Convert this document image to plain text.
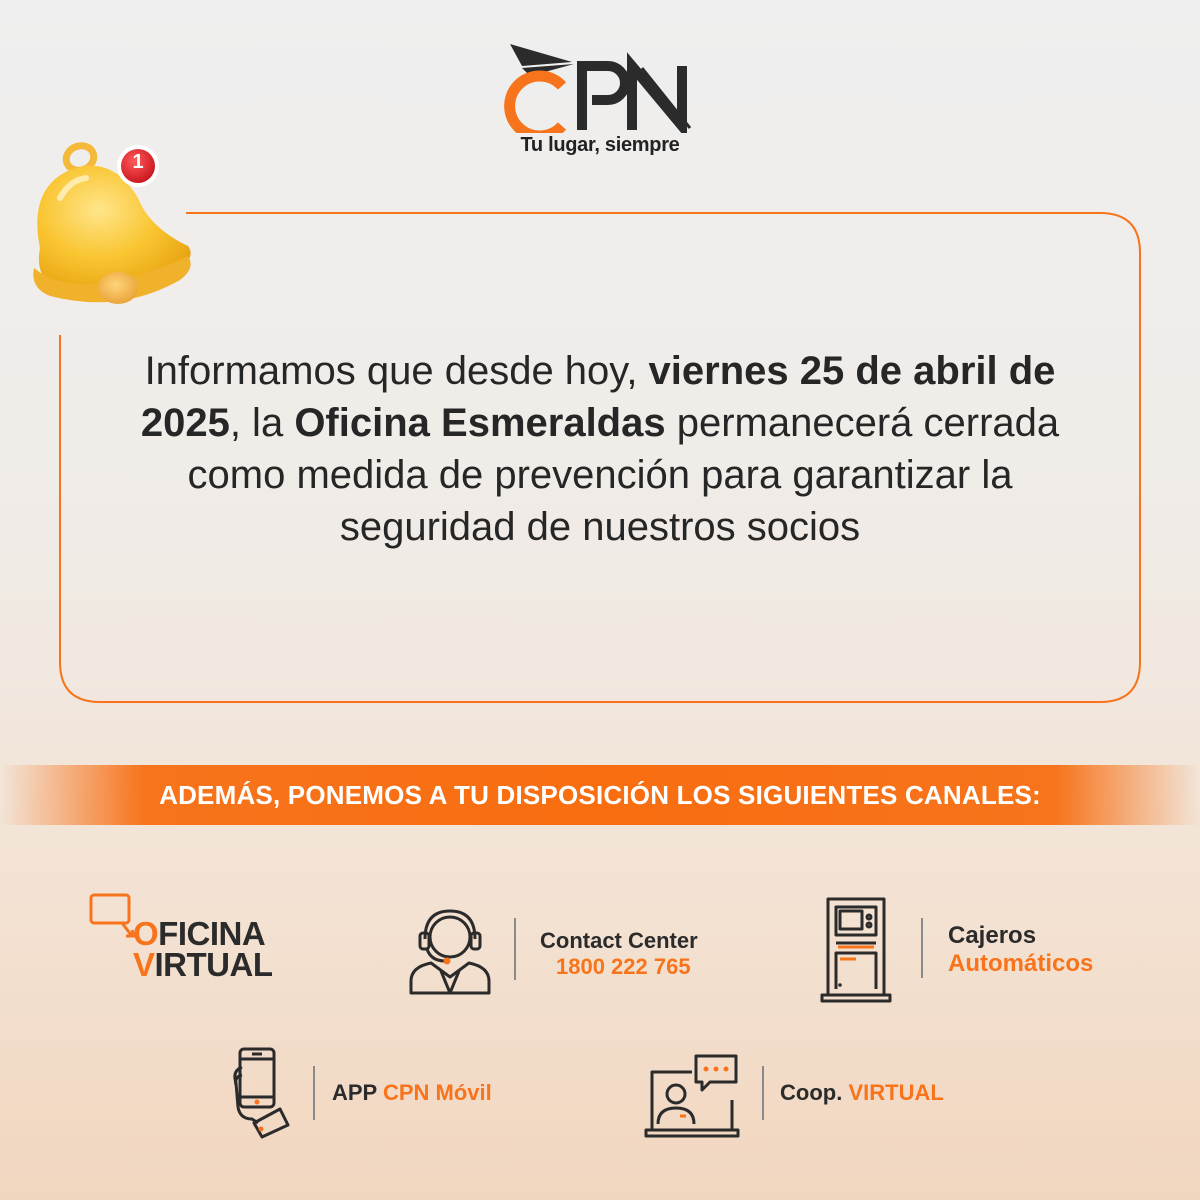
Tu lugar, siempre
1
Informamos que desde hoy, viernes 25 de abril de 2025, la Oficina Esmeraldas permanecerá cerrada como medida de prevención para garantizar la seguridad de nuestros socios
ADEMÁS, PONEMOS A TU DISPOSICIÓN LOS SIGUIENTES CANALES:
OFICINA
VIRTUAL
Contact Center
1800 222 765
Cajeros
Automáticos
APP CPN Móvil	Coop. VIRTUAL
